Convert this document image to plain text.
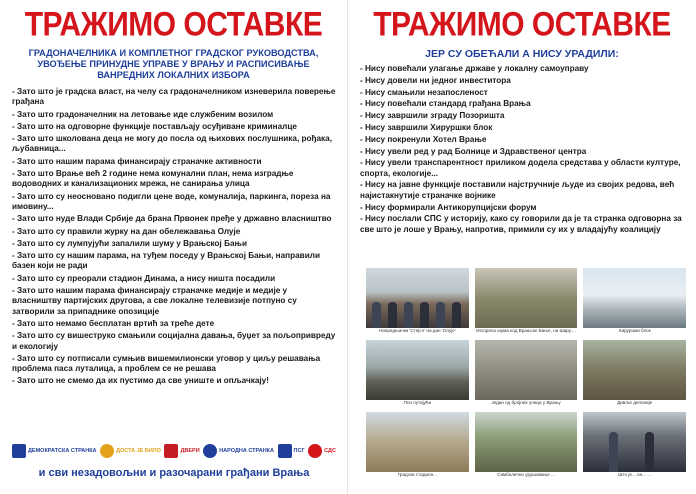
ТРАЖИМО ОСТАВКЕ
ГРАДОНАЧЕЛНИКА И КОМПЛЕТНОГ ГРАДСКОГ РУКОВОДСТВА, УВОЂЕЊЕ ПРИНУДНЕ УПРАВЕ У ВРАЊУ И РАСПИСИВАЊЕ ВАНРЕДНИХ ЛОКАЛНИХ ИЗБОРА
- Зато што је градска власт, на челу са градоначелником изневерила поверење грађана
- Зато што градоначелник на летовање иде службеним возилом
- Зато што на одговорне функције постављају осуђиване криминалце
- Зато што школована деца не могу до посла од њихових послушника, рођака, љубавница...
- Зато што нашим парама финансирају страначке активности
- Зато што Врање већ 2 године нема комунални план, нема изградње водоводних и канализационих мрежа, не санирања улица
- Зато што су неосновано подигли цене воде, комуналија, паркинга, пореза на имовину...
- Зато што нуде Влади Србије да брана Првонек пређе у државно власништво
- Зато што су правили журку на дан обележавања Олује
- Зато што су лумпујући запалили шуму у Врањској Бањи
- Зато што су нашим парама, на туђем поседу у Врањској Бањи, направили базен који не ради
- Зато што су преорали стадион Динама, а нису ништа посадили
- Зато што нашим парама финансирају страначке медије и медије у власништву партијских другова, а све локалне телевизије потпуно су затворили за припаднике опозиције
- Зато што немамо бесплатан вртић за треће дете
- Зато што су вишеструко смањили социјална давања, буџет за пољопривреду и екологију
- Зато што су потписали сумњив вишемилионски уговор у циљу решавања проблема паса луталица, а проблем се не решава
- Зато што не смемо да их пустимо да све униште и опљачкају!
ДЕМОКРАТСКА СТРАНКА	ДОСТА ЈЕ БИЛО	ДВЕРИ	НАРОДНА СТРАНКА	ПСГ	СДС
и сви незадовољни и разочарани грађани Врања
ТРАЖИМО ОСТАВКЕ
ЈЕР СУ ОБЕЋАЛИ А НИСУ УРАДИЛИ:
- Нису повећали улагање државе у локалну самоуправу
- Нису довели ни једног инвеститора
- Нису смањили незапосленост
- Нису повећали стандард грађана Врања
- Нису завршили зграду Позоришта
- Нису завршили Хируршки блок
- Нису покренули Хотел Врање
- Нису увели ред у рад Болнице и Здравственог центра
- Нису увели транспарентност приликом додела средстава у области културе, спорта, екологије...
- Нису на јавне функције поставили најстручније људе из својих редова, већ најистакнутије страначке војнике
- Нису формирали Антикорупцијски форум
- Нису послали СПС у историју, како су говорили да је та странка одговорна за све што је лоше у Врању, напротив, примили су их у владајућу коалицију
Напредњачки 'Стејсл' на дан 'Олује'	Изгорела шума код Врањске Бање, на Шару....	Хируршки блок
Пси лутајући	Један од бројних улица у Врању	Дивље депоније
Градски стадион...	Симболично урушавање ...	Што је... он... ...
